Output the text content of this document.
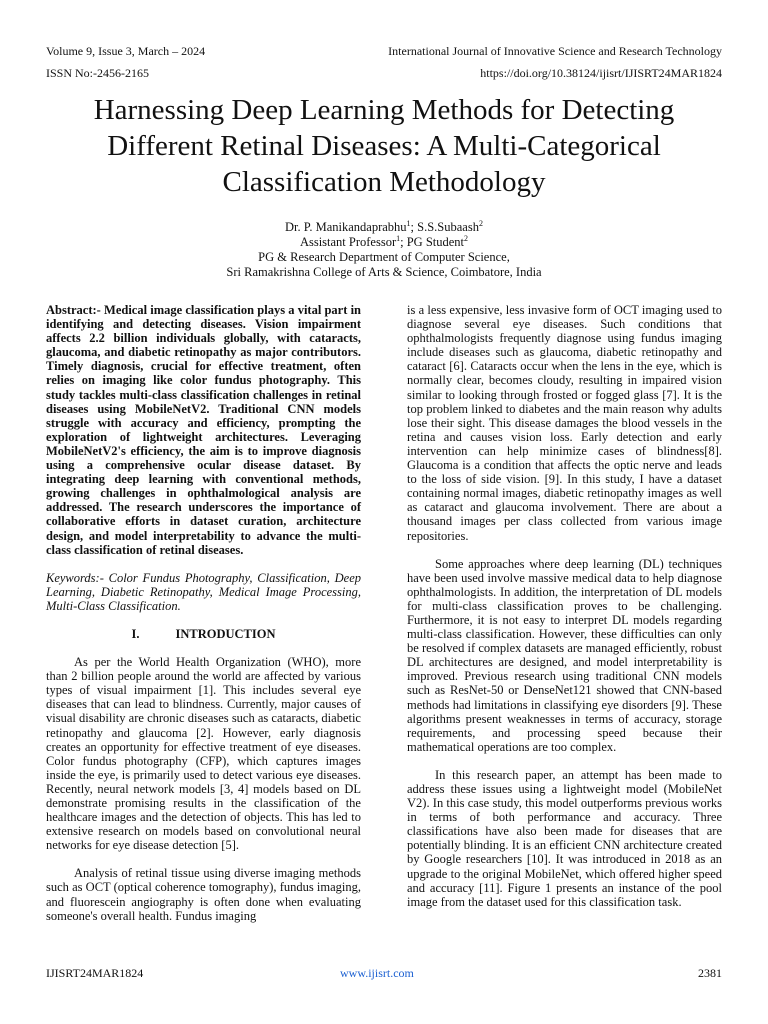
Volume 9, Issue 3, March – 2024
ISSN No:-2456-2165
International Journal of Innovative Science and Research Technology
https://doi.org/10.38124/ijisrt/IJISRT24MAR1824
Harnessing Deep Learning Methods for Detecting Different Retinal Diseases: A Multi-Categorical Classification Methodology
Dr. P. Manikandaprabhu$^1$; S.S.Subaash$^2$
Assistant Professor$^1$; PG Student$^2$
PG & Research Department of Computer Science,
Sri Ramakrishna College of Arts & Science, Coimbatore, India

Abstract:- Medical image classification plays a vital part in identifying and detecting diseases. Vision impairment affects 2.2 billion individuals globally, with cataracts, glaucoma, and diabetic retinopathy as major contributors. Timely diagnosis, crucial for effective treatment, often relies on imaging like color fundus photography. This study tackles multi-class classification challenges in retinal diseases using MobileNetV2. Traditional CNN models struggle with accuracy and efficiency, prompting the exploration of lightweight architectures. Leveraging MobileNetV2's efficiency, the aim is to improve diagnosis using a comprehensive ocular disease dataset. By integrating deep learning with conventional methods, growing challenges in ophthalmological analysis are addressed. The research underscores the importance of collaborative efforts in dataset curation, architecture design, and model interpretability to advance the multi-class classification of retinal diseases.

Keywords:- Color Fundus Photography, Classification, Deep Learning, Diabetic Retinopathy, Medical Image Processing, Multi-Class Classification.

I.	INTRODUCTION

As per the World Health Organization (WHO), more than 2 billion people around the world are affected by various types of visual impairment [1]. This includes several eye diseases that can lead to blindness. Currently, major causes of visual disability are chronic diseases such as cataracts, diabetic retinopathy and glaucoma [2]. However, early diagnosis creates an opportunity for effective treatment of eye diseases. Color fundus photography (CFP), which captures images inside the eye, is primarily used to detect various eye diseases. Recently, neural network models [3, 4] models based on DL demonstrate promising results in the classification of the healthcare images and the detection of objects. This has led to extensive research on models based on convolutional neural networks for eye disease detection [5].

Analysis of retinal tissue using diverse imaging methods such as OCT (optical coherence tomography), fundus imaging, and fluorescein angiography is often done when evaluating someone's overall health. Fundus imaging

is a less expensive, less invasive form of OCT imaging used to diagnose several eye diseases. Such conditions that ophthalmologists frequently diagnose using fundus imaging include diseases such as glaucoma, diabetic retinopathy and cataract [6]. Cataracts occur when the lens in the eye, which is normally clear, becomes cloudy, resulting in impaired vision similar to looking through frosted or fogged glass [7]. It is the top problem linked to diabetes and the main reason why adults lose their sight. This disease damages the blood vessels in the retina and causes vision loss. Early detection and early intervention can help minimize cases of blindness[8]. Glaucoma is a condition that affects the optic nerve and leads to the loss of side vision. [9]. In this study, I have a dataset containing normal images, diabetic retinopathy images as well as cataract and glaucoma involvement. There are about a thousand images per class collected from various image repositories.

Some approaches where deep learning (DL) techniques have been used involve massive medical data to help diagnose ophthalmologists. In addition, the interpretation of DL models for multi-class classification proves to be challenging. Furthermore, it is not easy to interpret DL models regarding multi-class classification. However, these difficulties can only be resolved if complex datasets are managed efficiently, robust DL architectures are designed, and model interpretability is improved. Previous research using traditional CNN models such as ResNet-50 or DenseNet121 showed that CNN-based methods had limitations in classifying eye disorders [9]. These algorithms present weaknesses in terms of accuracy, storage requirements, and processing speed because their mathematical operations are too complex.

In this research paper, an attempt has been made to address these issues using a lightweight model (MobileNet V2). In this case study, this model outperforms previous works in terms of both performance and accuracy. Three classifications have also been made for diseases that are potentially blinding. It is an efficient CNN architecture created by Google researchers [10]. It was introduced in 2018 as an upgrade to the original MobileNet, which offered higher speed and accuracy [11]. Figure 1 presents an instance of the pool image from the dataset used for this classification task.

IJISRT24MAR1824	www.ijisrt.com	2381
